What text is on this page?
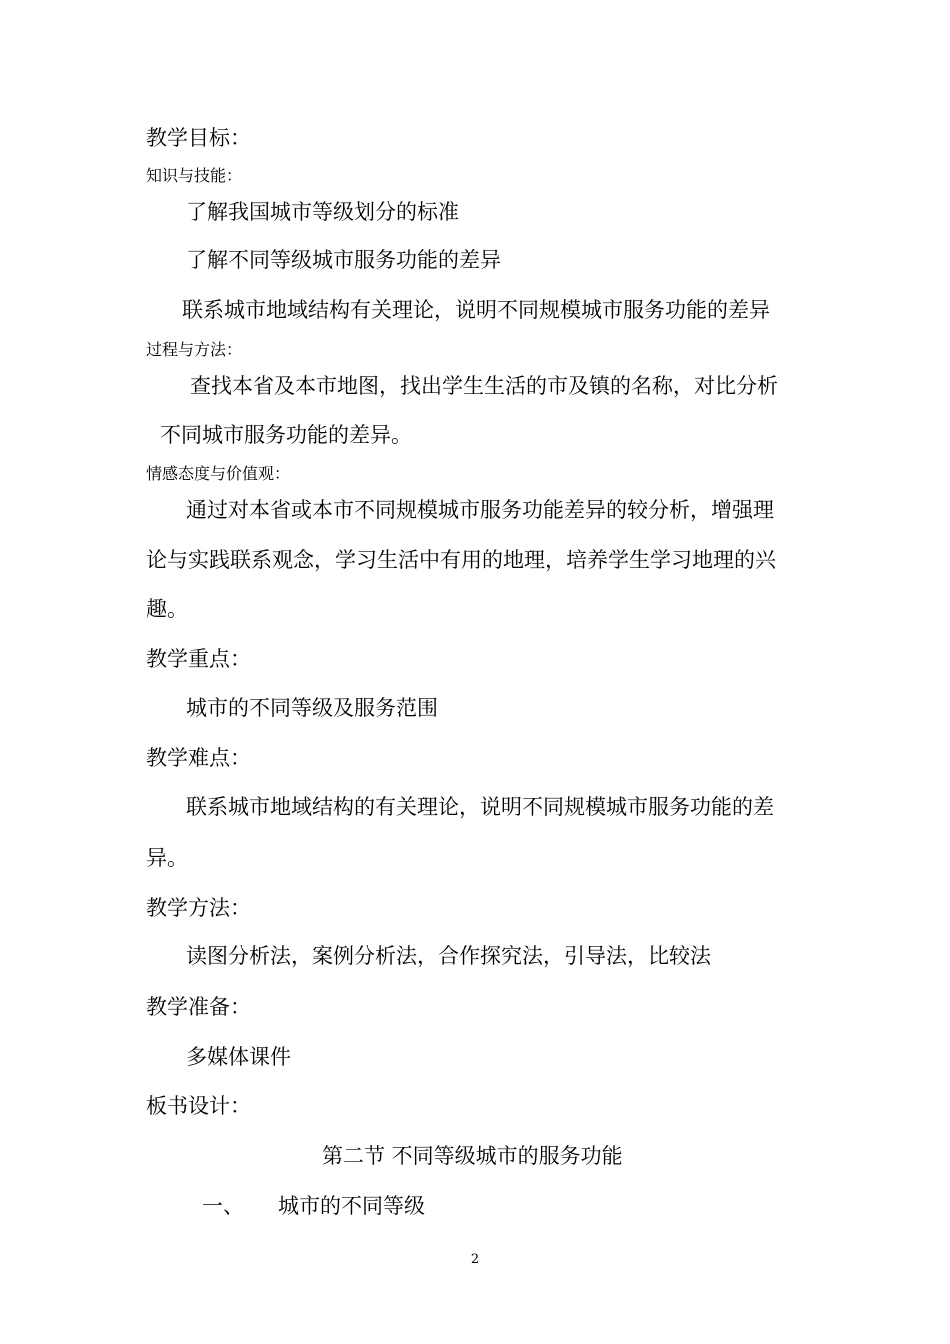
教学目标：
知识与技能：
了解我国城市等级划分的标准
了解不同等级城市服务功能的差异
联系城市地域结构有关理论，说明不同规模城市服务功能的差异
过程与方法：
查找本省及本市地图，找出学生生活的市及镇的名称，对比分析
不同城市服务功能的差异。
情感态度与价值观：
通过对本省或本市不同规模城市服务功能差异的较分析，增强理
论与实践联系观念，学习生活中有用的地理，培养学生学习地理的兴
趣。
教学重点：
城市的不同等级及服务范围
教学难点：
联系城市地域结构的有关理论，说明不同规模城市服务功能的差
异。
教学方法：
读图分析法，案例分析法，合作探究法，引导法，比较法
教学准备：
多媒体课件
板书设计：
第二节 不同等级城市的服务功能
一、 城市的不同等级
2
